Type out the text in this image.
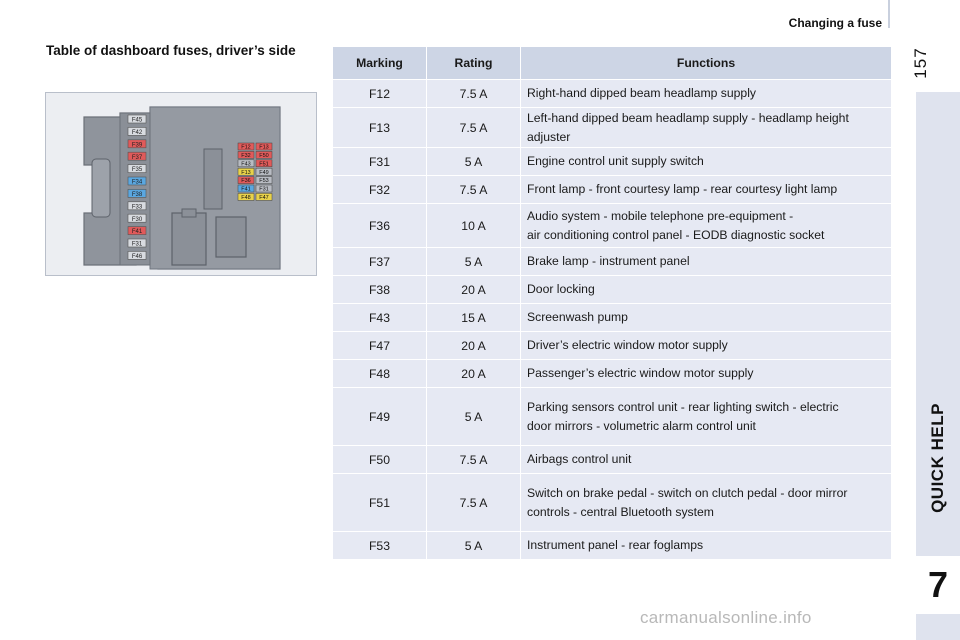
Changing a fuse
157
QUICK HELP
7
Table of dashboard fuses, driver’s side
F45
F42
F39
F37
F35
F34
F38
F33
F30
F41
F31
F46
F12 F13
F32 F50
F43 F51
F13 F49
F36 F53
F41 F31
F48 F47
Marking	Rating	Functions
F12	7.5 A	Right-hand dipped beam headlamp supply

F13	7.5 A	Left-hand dipped beam headlamp supply - headlamp height
adjuster

F31	5 A	Engine control unit supply switch

F32	7.5 A	Front lamp - front courtesy lamp - rear courtesy light lamp

F36	10 A	Audio system - mobile telephone pre-equipment -
air conditioning control panel - EODB diagnostic socket

F37	5 A	Brake lamp - instrument panel

F38	20 A	Door locking

F43	15 A	Screenwash pump

F47	20 A	Driver’s electric window motor supply

F48	20 A	Passenger’s electric window motor supply

F49	5 A	Parking sensors control unit - rear lighting switch - electric
door mirrors - volumetric alarm control unit

F50	7.5 A	Airbags control unit

F51	7.5 A	Switch on brake pedal - switch on clutch pedal - door mirror
controls - central Bluetooth system

F53	5 A	Instrument panel - rear foglamps
carmanualsonline.info
